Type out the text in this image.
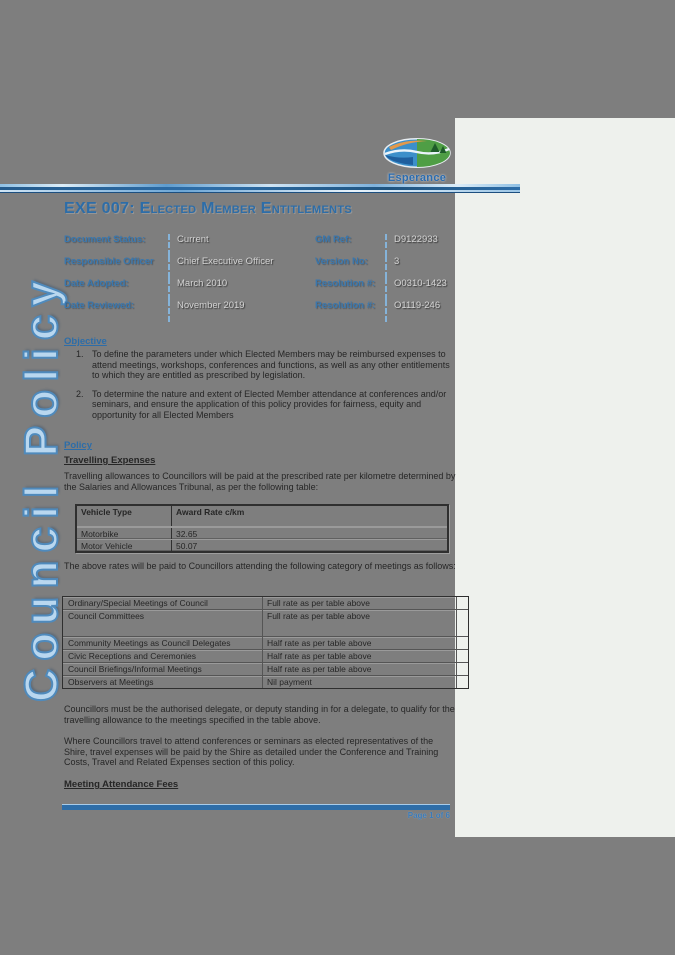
Esperance
Council Policy
EXE 007: Elected Member Entitlements
Document Status:	Current	GM Ref:	D9122933
Responsible Officer	Chief Executive Officer	Version No:	3
Date Adopted:	March 2010	Resolution #:	O0310-1423
Date Reviewed:	November 2019	Resolution #:	O1119-246
Objective
1. To define the parameters under which Elected Members may be reimbursed expenses to attend meetings, workshops, conferences and functions, as well as any other entitlements to which they are entitled as prescribed by legislation.
2. To determine the nature and extent of Elected Member attendance at conferences and/or seminars, and ensure the application of this policy provides for fairness, equity and opportunity for all Elected Members
Policy
Travelling Expenses
Travelling allowances to Councillors will be paid at the prescribed rate per kilometre determined by the Salaries and Allowances Tribunal, as per the following table:
Vehicle Type	Award Rate c/km
Motorbike	32.65
Motor Vehicle	50.07
The above rates will be paid to Councillors attending the following category of meetings as follows:
Ordinary/Special Meetings of Council	Full rate as per table above
Council Committees	Full rate as per table above
Community Meetings as Council Delegates	Half rate as per table above
Civic Receptions and Ceremonies	Half rate as per table above
Council Briefings/Informal Meetings	Half rate as per table above
Observers at Meetings	Nil payment
Councillors must be the authorised delegate, or deputy standing in for a delegate, to qualify for the travelling allowance to the meetings specified in the table above.
Where Councillors travel to attend conferences or seminars as elected representatives of the Shire, travel expenses will be paid by the Shire as detailed under the Conference and Training Costs, Travel and Related Expenses section of this policy.
Meeting Attendance Fees
Page 1 of 6
